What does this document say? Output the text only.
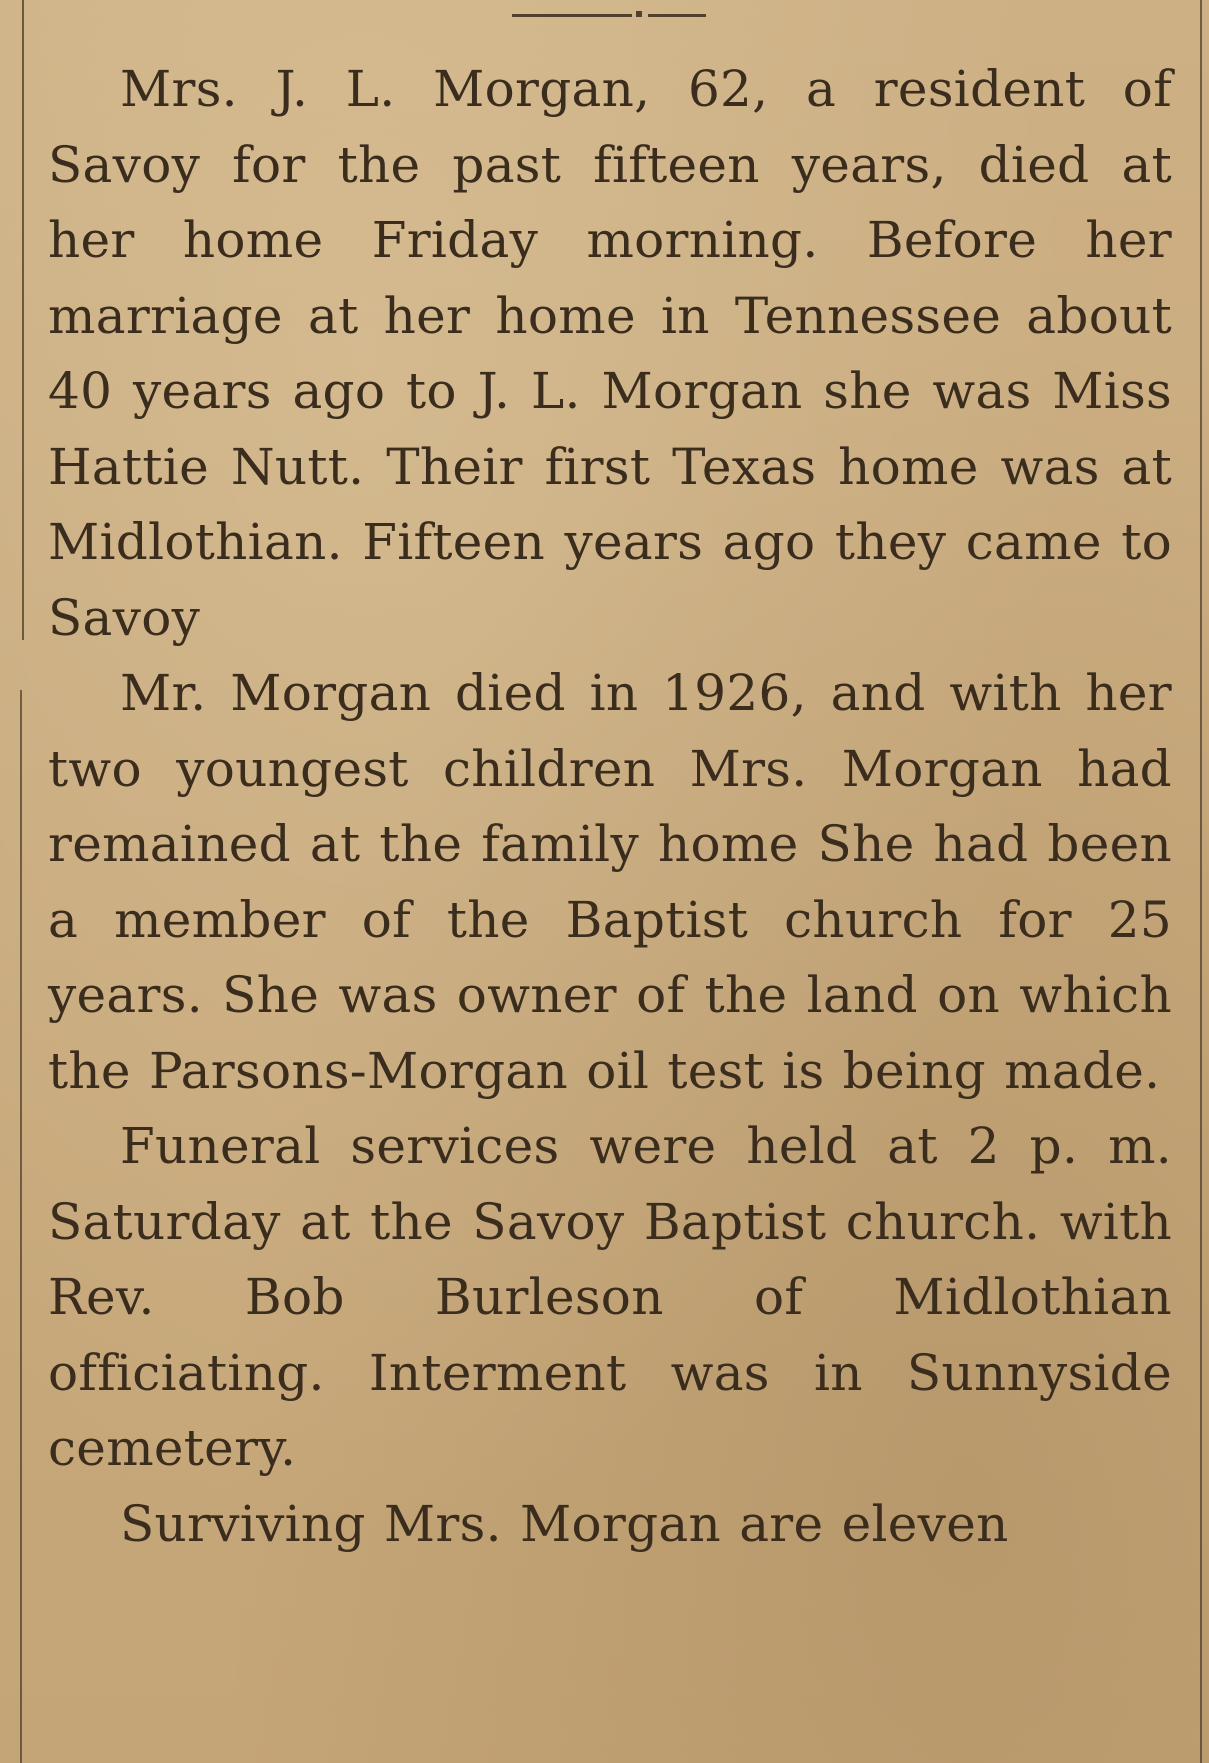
Mrs. J. L. Morgan, 62, a resident of Savoy for the past fifteen years, died at her home Friday morning. Before her marriage at her home in Tennessee about 40 years ago to J. L. Morgan she was Miss Hattie Nutt. Their first Texas home was at Midlothian. Fifteen years ago they came to Savoy

Mr. Morgan died in 1926, and with her two youngest children Mrs. Morgan had remained at the family home She had been a member of the Baptist church for 25 years. She was owner of the land on which the Parsons-Morgan oil test is being made.

Funeral services were held at 2 p. m. Saturday at the Savoy Baptist church. with Rev. Bob Burleson of Midlothian officiating. Interment was in Sunnyside cemetery.

Surviving Mrs. Morgan are eleven
